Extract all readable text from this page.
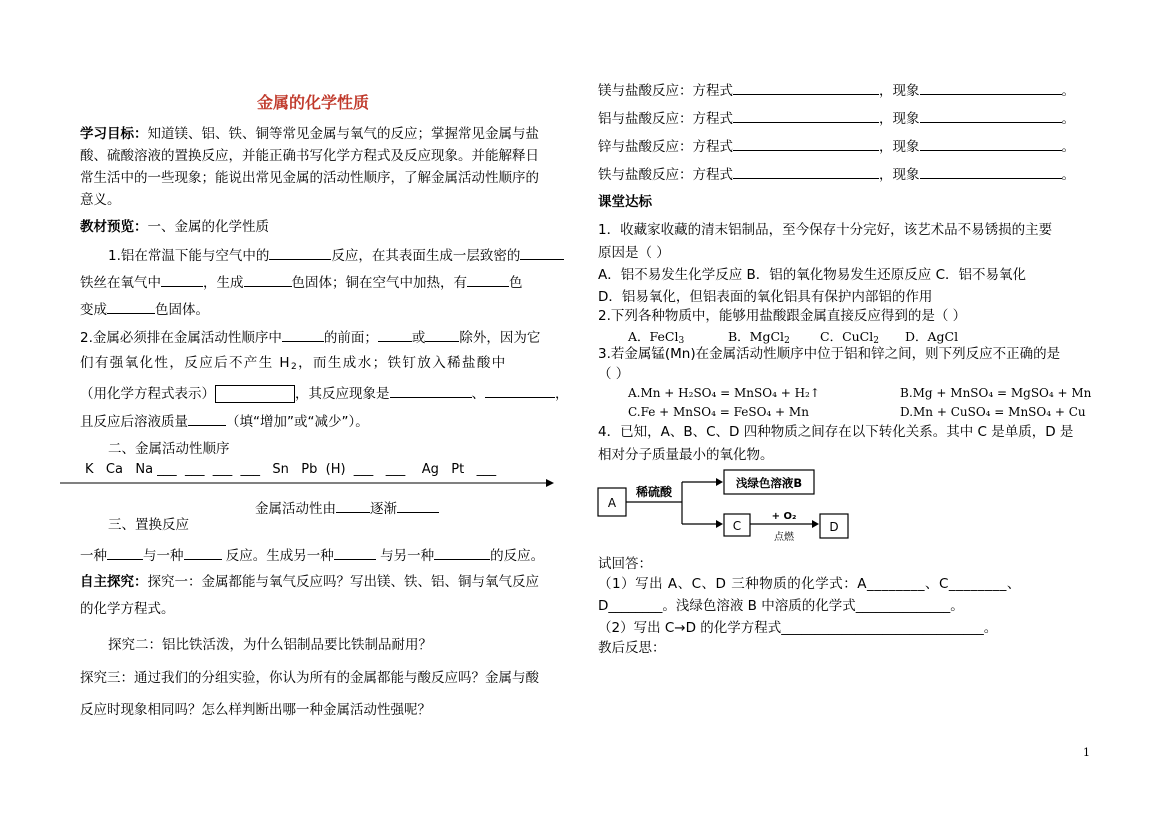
金属的化学性质
学习目标：知道镁、铝、铁、铜等常见金属与氧气的反应；掌握常见金属与盐
酸、硫酸溶液的置换反应，并能正确书写化学方程式及反应现象。并能解释日
常生活中的一些现象；能说出常见金属的活动性顺序，了解金属活动性顺序的
意义。
教材预览：一、金属的化学性质
1.铝在常温下能与空气中的	反应，在其表面生成一层致密的
铁丝在氧气中	，生成	色固体；铜在空气中加热，有	色
变成	色固体。
2.金属必须排在金属活动性顺序中	的前面；	或	除外，因为它
们有强氧化性，反应后不产生 $H_2$，而生成水；铁钉放入稀盐酸中
（用化学方程式表示）	，其反应现象是	、	，
且反应后溶液质量	（填“增加”或“减少”）。
二、金属活动性顺序
K   Ca   Na ___  ___  ___  ___   Sn   Pb  (H)  ___   ___    Ag   Pt   ___
金属活动性由	逐渐
三、置换反应
一种	与一种	反应。生成另一种	与另一种	的反应。
自主探究：探究一：金属都能与氧气反应吗？写出镁、铁、铝、铜与氧气反应
的化学方程式。
探究二：铝比铁活泼，为什么铝制品要比铁制品耐用？
探究三：通过我们的分组实验，你认为所有的金属都能与酸反应吗？金属与酸
反应时现象相同吗？怎么样判断出哪一种金属活动性强呢？
镁与盐酸反应：方程式	，现象	。
铝与盐酸反应：方程式	，现象	。
锌与盐酸反应：方程式	，现象	。
铁与盐酸反应：方程式	，现象	。
课堂达标
1．收藏家收藏的清末铝制品，至今保存十分完好，该艺术品不易锈损的主要
原因是（ ）
A．铝不易发生化学反应 B．铝的氧化物易发生还原反应 C．铝不易氧化
D．铝易氧化，但铝表面的氧化铝具有保护内部铝的作用
2.下列各种物质中，能够用盐酸跟金属直接反应得到的是（ ）
A．FeCl$_3$	B．MgCl$_2$ C．CuCl$_2$ D．AgCl
3.若金属锰(Mn)在金属活动性顺序中位于铝和锌之间，则下列反应不正确的是
（ ）
A.Mn + H₂SO₄ = MnSO₄ + H₂↑	B.Mg + MnSO₄ = MgSO₄ + Mn
C.Fe + MnSO₄ = FeSO₄ + Mn	D.Mn + CuSO₄ = MnSO₄ + Cu
4．已知，A、B、C、D 四种物质之间存在以下转化关系。其中 C 是单质，D 是
相对分子质量最小的氧化物。
A
稀硫酸
浅绿色溶液B
C
+ O₂
点燃
D
试回答：
（1）写出 A、C、D 三种物质的化学式：A________、C________、
D________。浅绿色溶液 B 中溶质的化学式______________。
（2）写出 C→D 的化学方程式______________________________。
教后反思：
1
